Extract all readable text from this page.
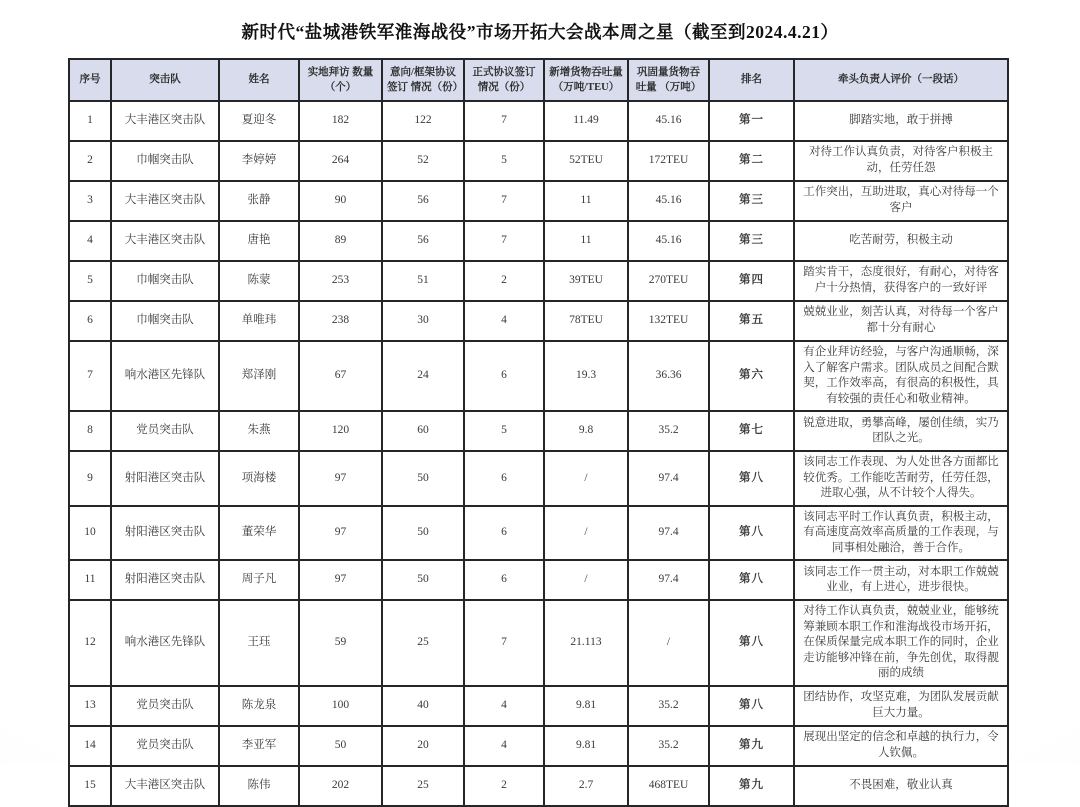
新时代“盐城港铁军淮海战役”市场开拓大会战本周之星（截至到2024.4.21）
序号	突击队	姓名	实地拜访 数量（个）	意向/框架协议签订 情况（份）	正式协议签订 情况（份）	新增货物吞吐量 （万吨/TEU）	巩固量货物吞吐量 （万吨）	排名	牵头负责人评价（一段话）
1	大丰港区突击队	夏迎冬	182	122	7	11.49	45.16	第一	脚踏实地，敢于拼搏
2	巾帼突击队	李婷婷	264	52	5	52TEU	172TEU	第二	对待工作认真负责，对待客户积极主动，任劳任怨
3	大丰港区突击队	张静	90	56	7	11	45.16	第三	工作突出，互助进取，真心对待每一个客户
4	大丰港区突击队	唐艳	89	56	7	11	45.16	第三	吃苦耐劳，积极主动
5	巾帼突击队	陈蒙	253	51	2	39TEU	270TEU	第四	踏实肯干，态度很好，有耐心，对待客户十分热情，获得客户的一致好评
6	巾帼突击队	单唯玮	238	30	4	78TEU	132TEU	第五	兢兢业业，刻苦认真，对待每一个客户都十分有耐心
7	响水港区先锋队	郑泽刚	67	24	6	19.3	36.36	第六	有企业拜访经验，与客户沟通顺畅，深入了解客户需求。团队成员之间配合默契，工作效率高，有很高的积极性，具有较强的责任心和敬业精神。
8	党员突击队	朱燕	120	60	5	9.8	35.2	第七	锐意进取，勇攀高峰，屡创佳绩，实乃团队之光。
9	射阳港区突击队	项海楼	97	50	6	/	97.4	第八	该同志工作表现、为人处世各方面都比较优秀。工作能吃苦耐劳，任劳任怨，进取心强，从不计较个人得失。
10	射阳港区突击队	董荣华	97	50	6	/	97.4	第八	该同志平时工作认真负责，积极主动，有高速度高效率高质量的工作表现，与同事相处融洽，善于合作。
11	射阳港区突击队	周子凡	97	50	6	/	97.4	第八	该同志工作一贯主动，对本职工作兢兢业业，有上进心，进步很快。
12	响水港区先锋队	王珏	59	25	7	21.113	/	第八	对待工作认真负责，兢兢业业，能够统筹兼顾本职工作和淮海战役市场开拓，在保质保量完成本职工作的同时，企业走访能够冲锋在前，争先创优，取得靓丽的成绩
13	党员突击队	陈龙泉	100	40	4	9.81	35.2	第八	团结协作，攻坚克难，为团队发展贡献巨大力量。
14	党员突击队	李亚军	50	20	4	9.81	35.2	第九	展现出坚定的信念和卓越的执行力，令人钦佩。
15	大丰港区突击队	陈伟	202	25	2	2.7	468TEU	第九	不畏困难，敬业认真
